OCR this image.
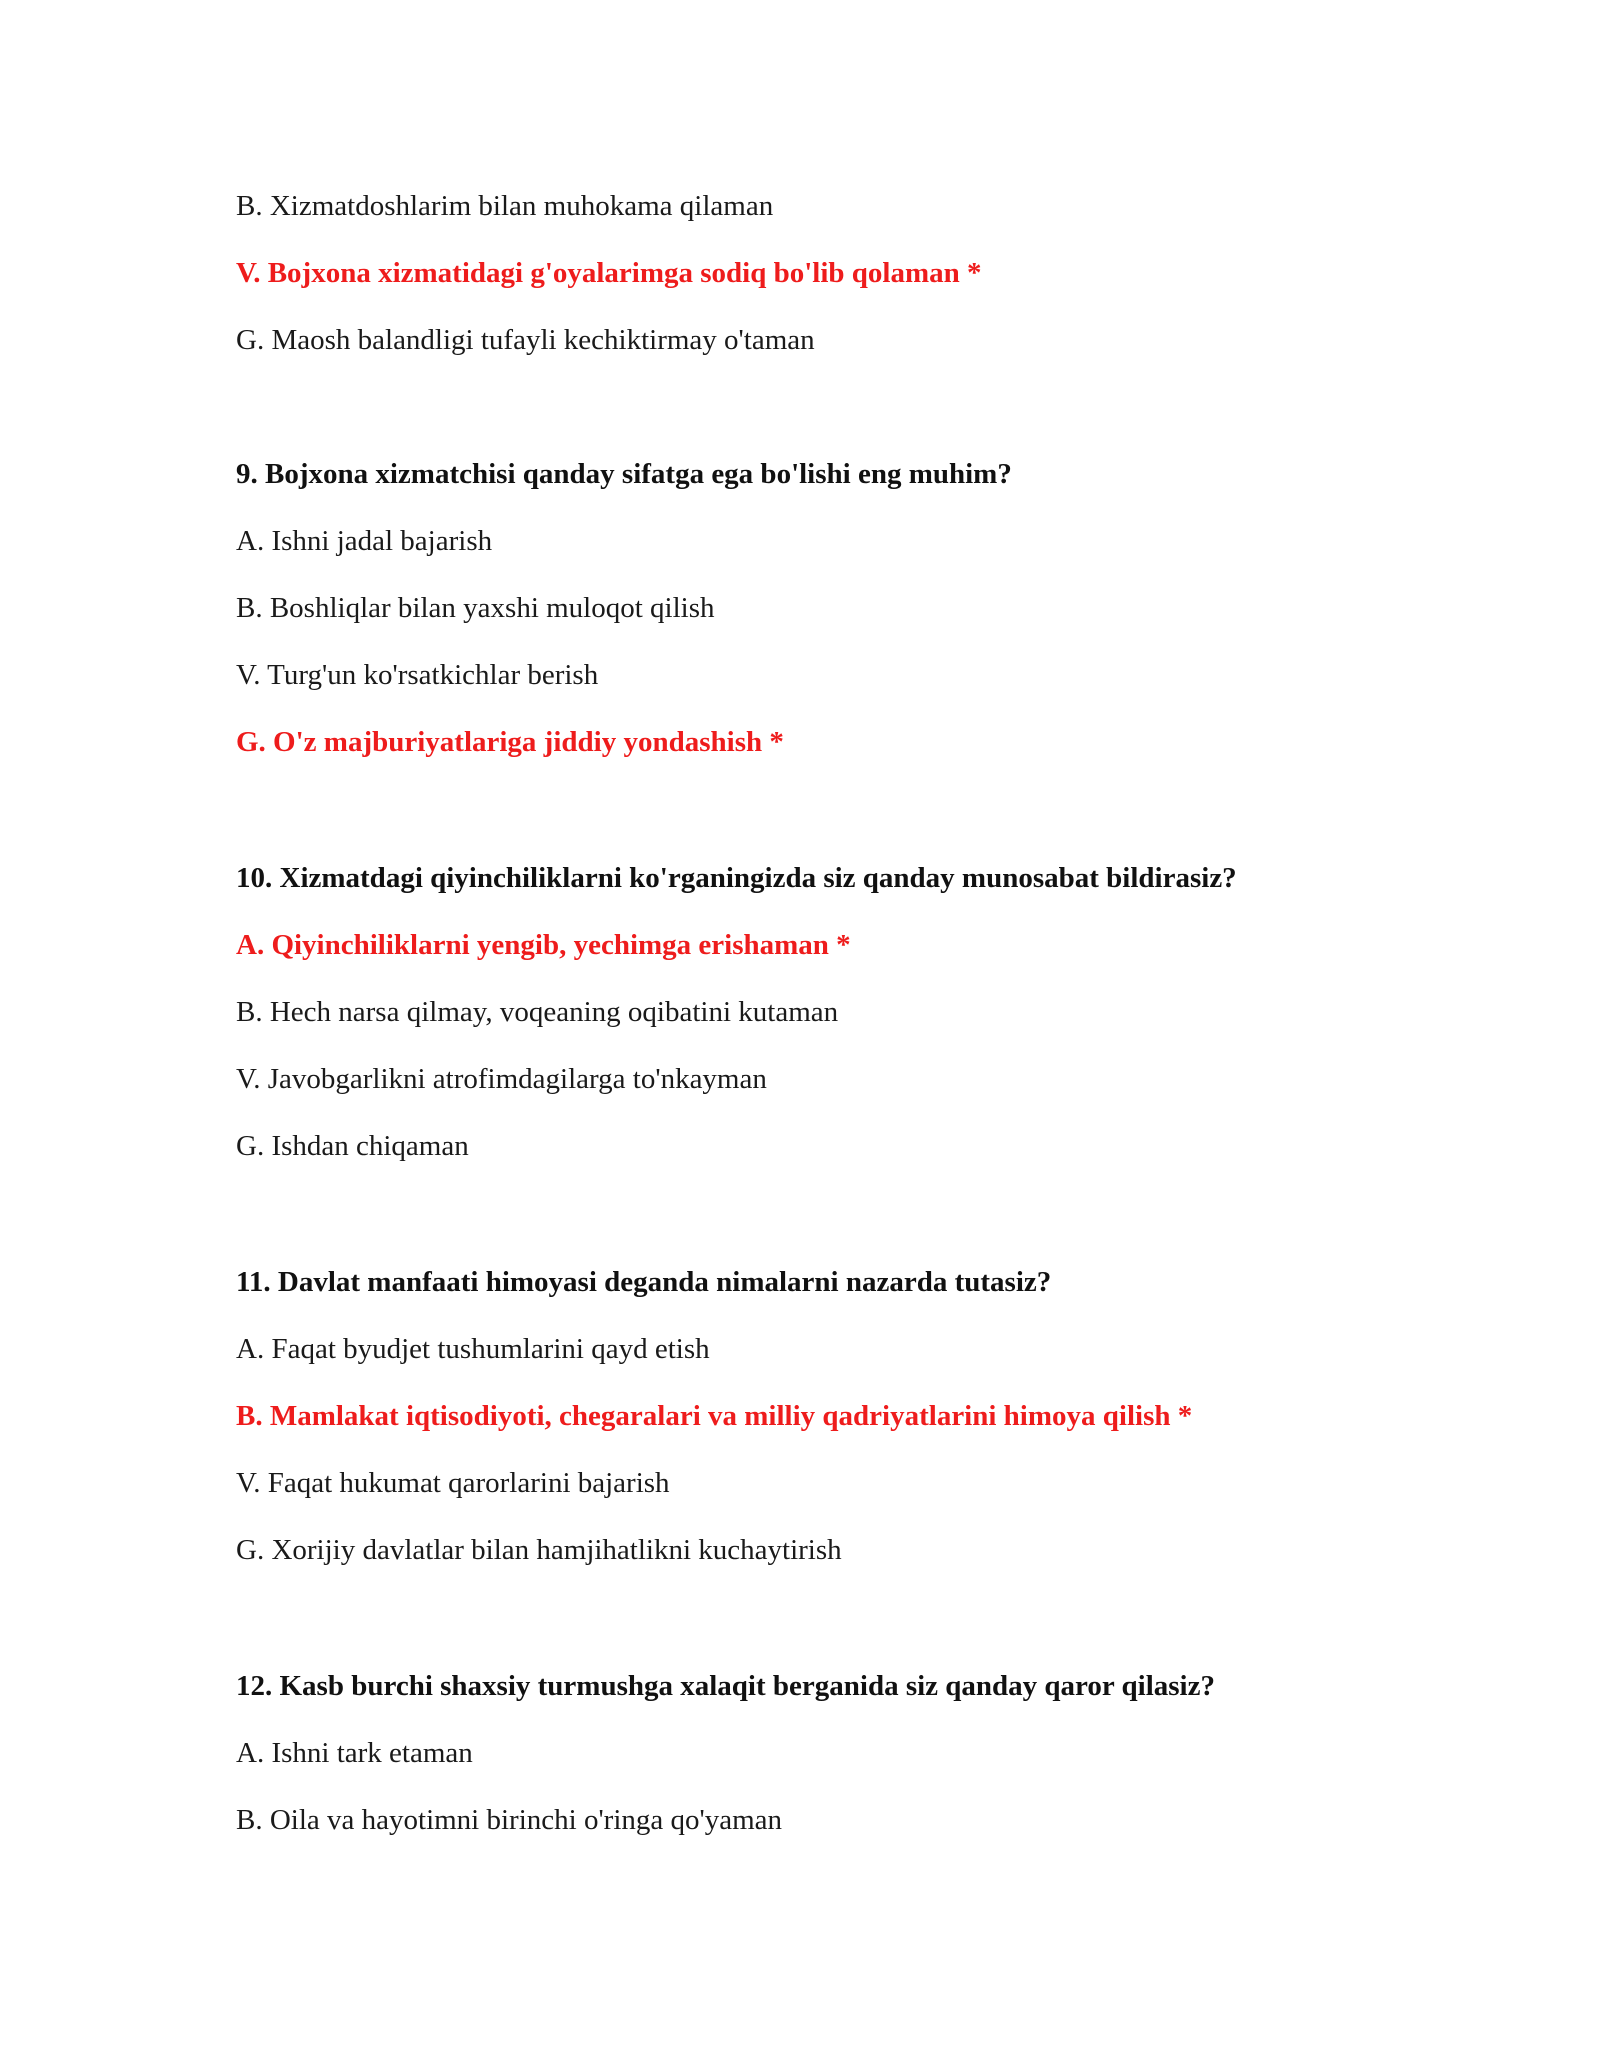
B. Xizmatdoshlarim bilan muhokama qilaman
V. Bojxona xizmatidagi g'oyalarimga sodiq bo'lib qolaman *
G. Maosh balandligi tufayli kechiktirmay o'taman
9. Bojxona xizmatchisi qanday sifatga ega bo'lishi eng muhim?
A. Ishni jadal bajarish
B. Boshliqlar bilan yaxshi muloqot qilish
V. Turg'un ko'rsatkichlar berish
G. O'z majburiyatlariga jiddiy yondashish *
10. Xizmatdagi qiyinchiliklarni ko'rganingizda siz qanday munosabat bildirasiz?
A. Qiyinchiliklarni yengib, yechimga erishaman *
B. Hech narsa qilmay, voqeaning oqibatini kutaman
V. Javobgarlikni atrofimdagilarga to'nkayman
G. Ishdan chiqaman
11. Davlat manfaati himoyasi deganda nimalarni nazarda tutasiz?
A. Faqat byudjet tushumlarini qayd etish
B. Mamlakat iqtisodiyoti, chegaralari va milliy qadriyatlarini himoya qilish *
V. Faqat hukumat qarorlarini bajarish
G. Xorijiy davlatlar bilan hamjihatlikni kuchaytirish
12. Kasb burchi shaxsiy turmushga xalaqit berganida siz qanday qaror qilasiz?
A. Ishni tark etaman
B. Oila va hayotimni birinchi o'ringa qo'yaman
